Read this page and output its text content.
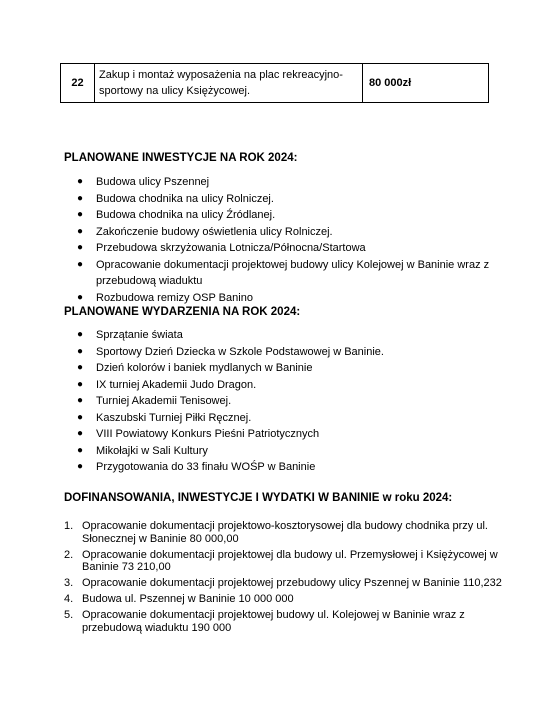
22
Zakup i montaż wyposażenia na plac rekreacyjno-sportowy na ulicy Księżycowej.
80 000zł
PLANOWANE INWESTYCJE NA ROK 2024:
● Budowa ulicy Pszennej
● Budowa chodnika na ulicy Rolniczej.
● Budowa chodnika na ulicy Źródlanej.
● Zakończenie budowy oświetlenia ulicy Rolniczej.
● Przebudowa skrzyżowania Lotnicza/Północna/Startowa
● Opracowanie dokumentacji projektowej budowy ulicy Kolejowej w Baninie wraz z przebudową wiaduktu
● Rozbudowa remizy OSP Banino
PLANOWANE WYDARZENIA NA ROK 2024:
● Sprzątanie świata
● Sportowy Dzień Dziecka w Szkole Podstawowej w Baninie.
● Dzień kolorów i baniek mydlanych w Baninie
● IX turniej Akademii Judo Dragon.
● Turniej Akademii Tenisowej.
● Kaszubski Turniej Piłki Ręcznej.
● VIII Powiatowy Konkurs Pieśni Patriotycznych
● Mikołajki w Sali Kultury
● Przygotowania do 33 finału WOŚP w Baninie
DOFINANSOWANIA, INWESTYCJE I WYDATKI W BANINIE w roku 2024:
1. Opracowanie dokumentacji projektowo-kosztorysowej dla budowy chodnika przy ul. Słonecznej w Baninie 80 000,00
2. Opracowanie dokumentacji projektowej dla budowy ul. Przemysłowej i Księżycowej w Baninie 73 210,00
3. Opracowanie dokumentacji projektowej przebudowy ulicy Pszennej w Baninie 110,232
4. Budowa ul. Pszennej w Baninie 10 000 000
5. Opracowanie dokumentacji projektowej budowy ul. Kolejowej w Baninie wraz z przebudową wiaduktu 190 000
